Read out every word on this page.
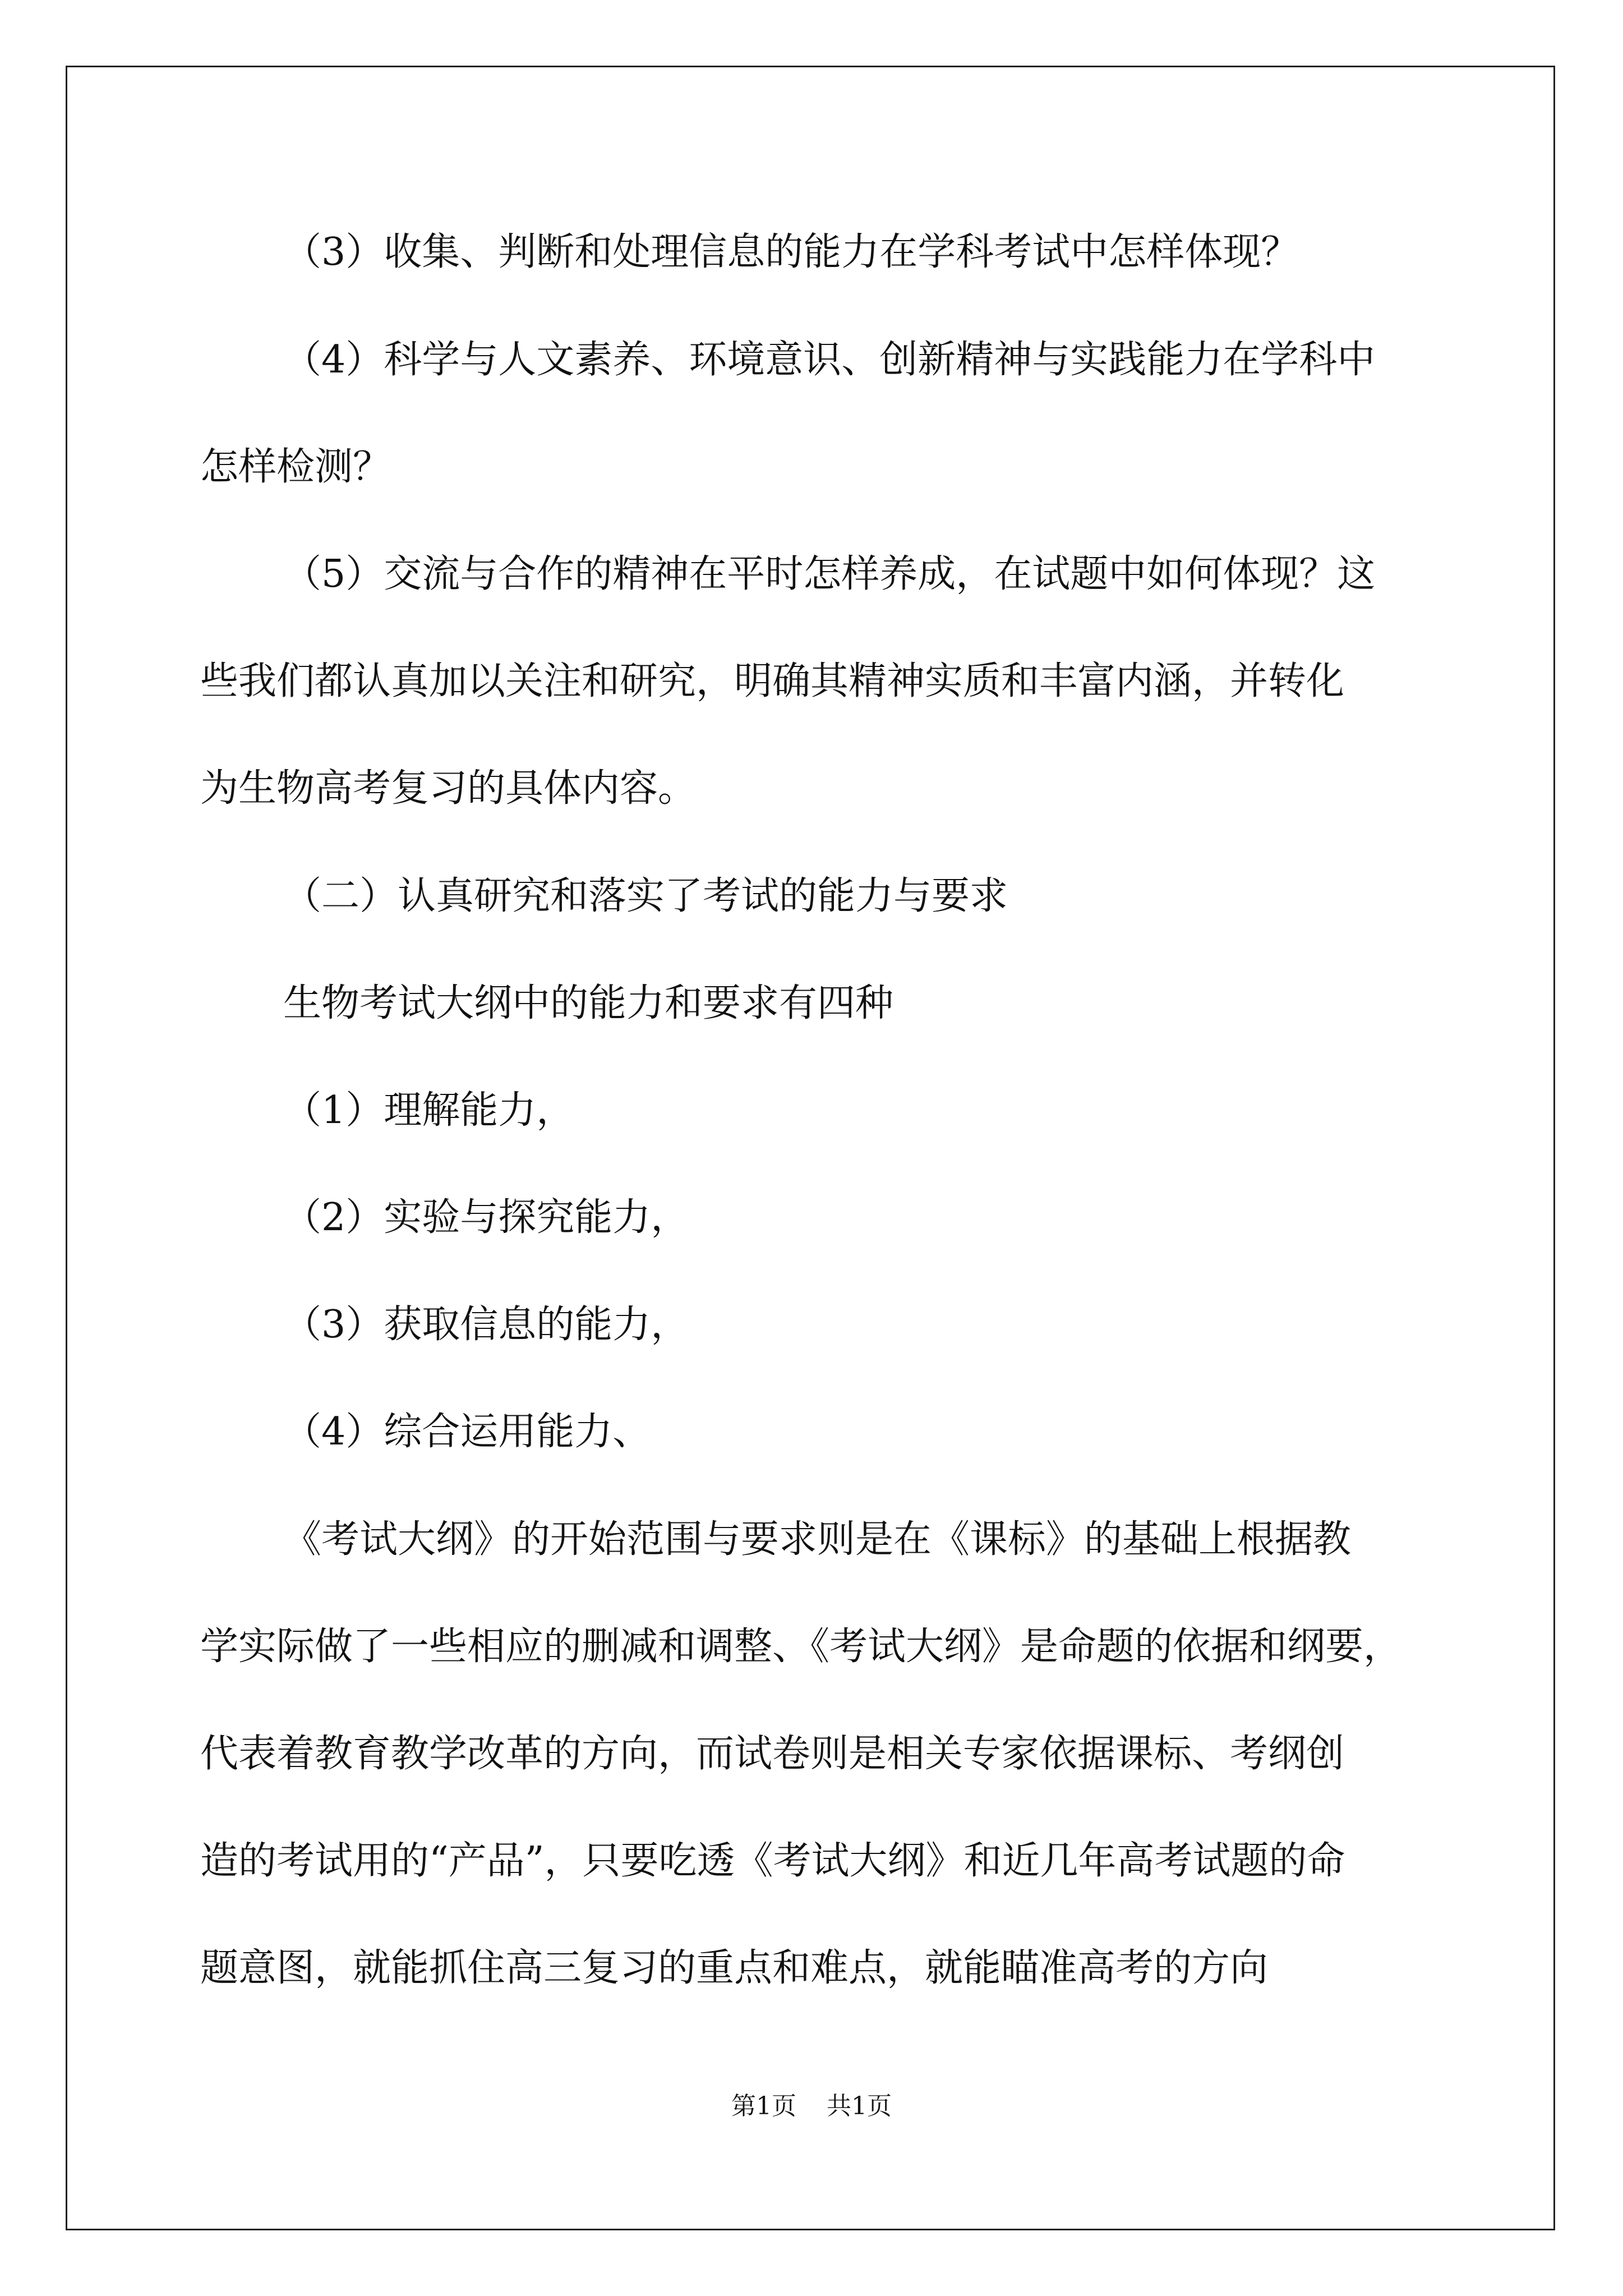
（3）收集、判断和处理信息的能力在学科考试中怎样体现？
（4）科学与人文素养、环境意识、创新精神与实践能力在学科中
怎样检测？
（5）交流与合作的精神在平时怎样养成，在试题中如何体现？这
些我们都认真加以关注和研究，明确其精神实质和丰富内涵，并转化
为生物高考复习的具体内容。
（二）认真研究和落实了考试的能力与要求
生物考试大纲中的能力和要求有四种
（1）理解能力，
（2）实验与探究能力，
（3）获取信息的能力，
（4）综合运用能力、
《考试大纲》的开始范围与要求则是在《课标》的基础上根据教
学实际做了一些相应的删减和调整、《考试大纲》是命题的依据和纲要，
代表着教育教学改革的方向，而试卷则是相关专家依据课标、考纲创
造的考试用的“产品”，只要吃透《考试大纲》和近几年高考试题的命
题意图，就能抓住高三复习的重点和难点，就能瞄准高考的方向
第1页 共1页
